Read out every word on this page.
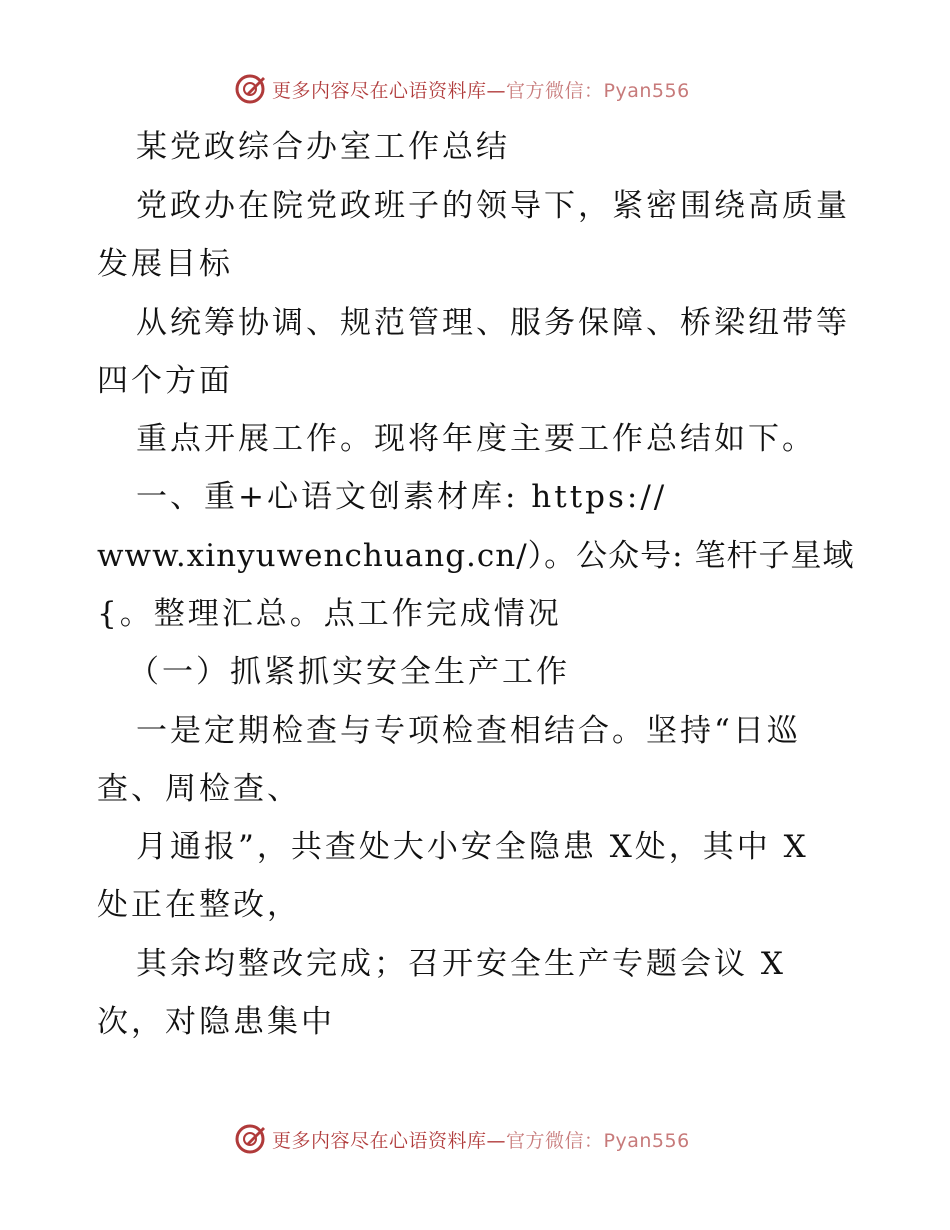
更多内容尽在心语资料库—官方微信：Pyan556
某党政综合办室工作总结
党政办在院党政班子的领导下，紧密围绕高质量
发展目标
从统筹协调、规范管理、服务保障、桥梁纽带等
四个方面
重点开展工作。现将年度主要工作总结如下。
一、重+心语文创素材库: https://
www.xinyuwenchuang.cn/）。公众号: 笔杆子星域
{。整理汇总。点工作完成情况
（一）抓紧抓实安全生产工作
一是定期检查与专项检查相结合。坚持“日巡
查、周检查、
月通报”，共查处大小安全隐患 X处，其中 X
处正在整改，
其余均整改完成；召开安全生产专题会议 X
次，对隐患集中
更多内容尽在心语资料库—官方微信：Pyan556
